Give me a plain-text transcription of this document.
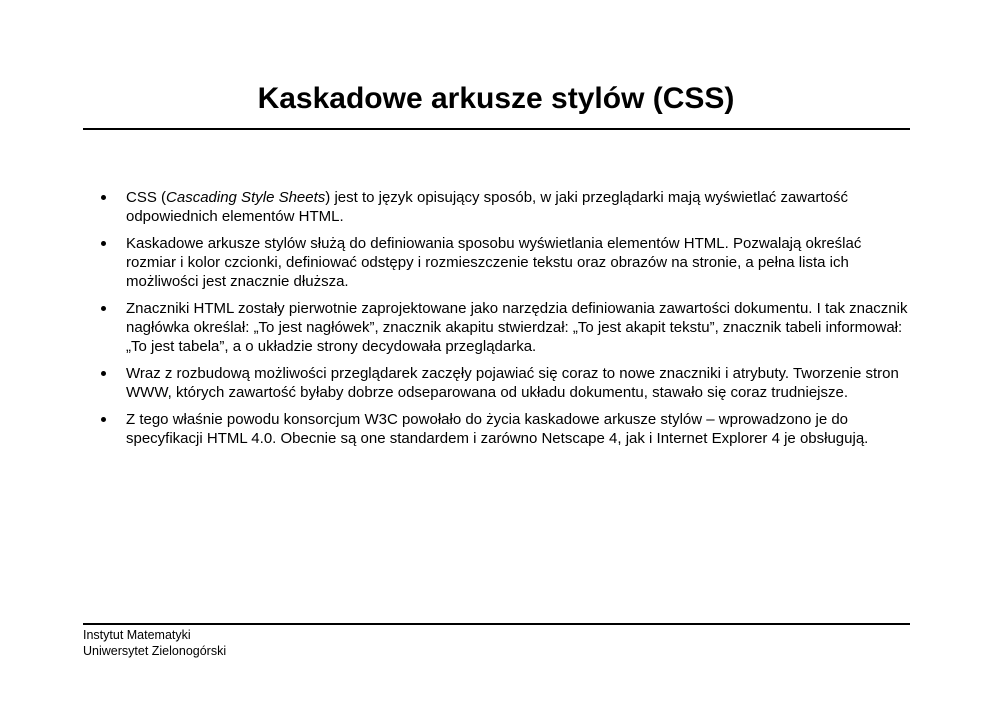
Kaskadowe arkusze stylów (CSS)
CSS (Cascading Style Sheets) jest to język opisujący sposób, w jaki przeglądarki mają wyświetlać zawartość odpowiednich elementów HTML.
Kaskadowe arkusze stylów służą do definiowania sposobu wyświetlania elementów HTML. Pozwalają określać rozmiar i kolor czcionki, definiować odstępy i rozmieszczenie tekstu oraz obrazów na stronie, a pełna lista ich możliwości jest znacznie dłuższa.
Znaczniki HTML zostały pierwotnie zaprojektowane jako narzędzia definiowania zawartości dokumentu. I tak znacznik nagłówka określał: „To jest nagłówek”, znacznik akapitu stwierdzał: „To jest akapit tekstu”, znacznik tabeli informował: „To jest tabela”, a o układzie strony decydowała przeglądarka.
Wraz z rozbudową możliwości przeglądarek zaczęły pojawiać się coraz to nowe znaczniki i atrybuty. Tworzenie stron WWW, których zawartość byłaby dobrze odseparowana od układu dokumentu, stawało się coraz trudniejsze.
Z tego właśnie powodu konsorcjum W3C powołało do życia kaskadowe arkusze stylów – wprowadzono je do specyfikacji HTML 4.0. Obecnie są one standardem i zarówno Netscape 4, jak i Internet Explorer 4 je obsługują.
Instytut Matematyki
Uniwersytet Zielonogórski
